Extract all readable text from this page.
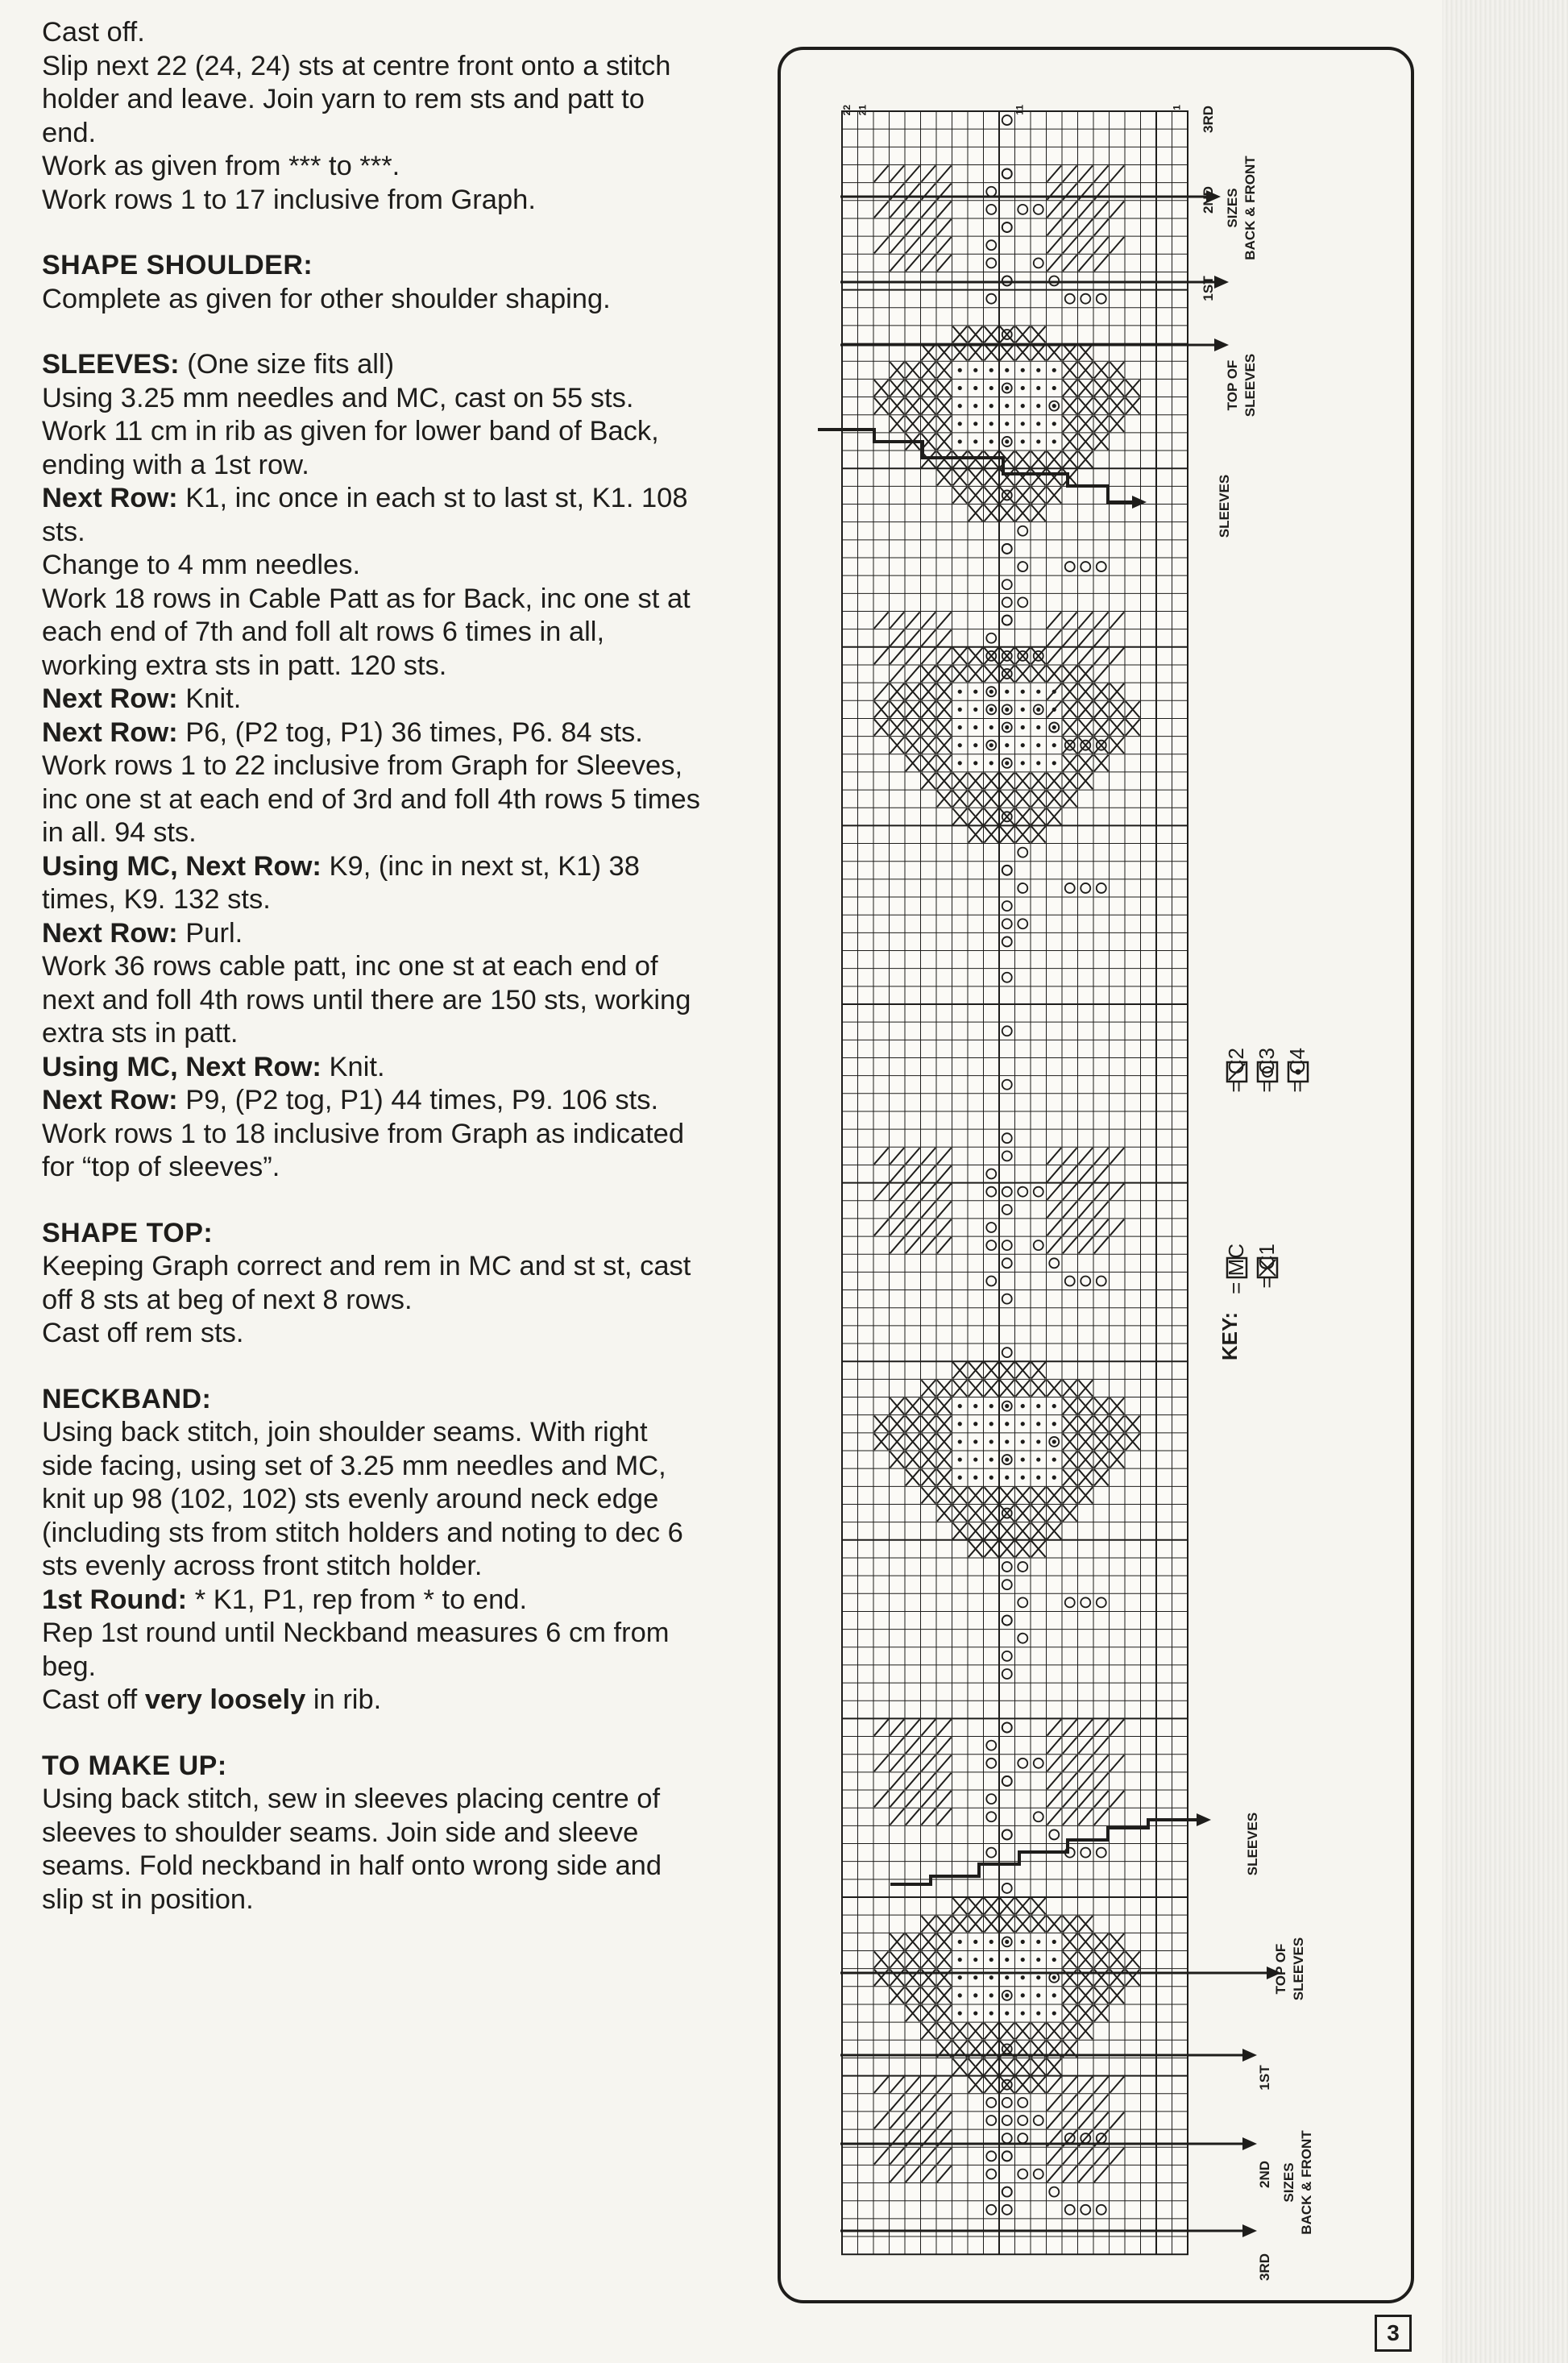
Cast off.

Slip next 22 (24, 24) sts at centre front onto a stitch holder and leave. Join yarn to rem sts and patt to end.

Work as given from *** to ***.

Work rows 1 to 17 inclusive from Graph.

SHAPE SHOULDER:

Complete as given for other shoulder shaping.

SLEEVES: (One size fits all)

Using 3.25 mm needles and MC, cast on 55 sts.

Work 11 cm in rib as given for lower band of Back, ending with a 1st row.

Next Row: K1, inc once in each st to last st, K1. 108 sts.

Change to 4 mm needles.

Work 18 rows in Cable Patt as for Back, inc one st at each end of 7th and foll alt rows 6 times in all, working extra sts in patt. 120 sts.

Next Row: Knit.

Next Row: P6, (P2 tog, P1) 36 times, P6. 84 sts.

Work rows 1 to 22 inclusive from Graph for Sleeves, inc one st at each end of 3rd and foll 4th rows 5 times in all. 94 sts.

Using MC, Next Row: K9, (inc in next st, K1) 38 times, K9. 132 sts.

Next Row: Purl.

Work 36 rows cable patt, inc one st at each end of next and foll 4th rows until there are 150 sts, working extra sts in patt.

Using MC, Next Row: Knit.

Next Row: P9, (P2 tog, P1) 44 times, P9. 106 sts.

Work rows 1 to 18 inclusive from Graph as indicated for “top of sleeves”.

SHAPE TOP:

Keeping Graph correct and rem in MC and st st, cast off 8 sts at beg of next 8 rows.

Cast off rem sts.

NECKBAND:

Using back stitch, join shoulder seams. With right side facing, using set of 3.25 mm needles and MC, knit up 98 (102, 102) sts evenly around neck edge (including sts from stitch holders and noting to dec 6 sts evenly across front stitch holder.

1st Round: * K1, P1, rep from * to end.

Rep 1st round until Neckband measures 6 cm from beg.

Cast off very loosely in rib.

TO MAKE UP:

Using back stitch, sew in sleeves placing centre of sleeves to shoulder seams. Join side and sleeve seams. Fold neckband in half onto wrong side and slip st in position.

22 21	11	1 3RD
2ND SIZES BACK & FRONT
1ST
TOP OF SLEEVES
SLEEVES
KEY:
= MC = C1
= C2 = C3 = C4
SLEEVES
TOP OF SLEEVES
1ST
2ND SIZES BACK & FRONT
3RD
3
